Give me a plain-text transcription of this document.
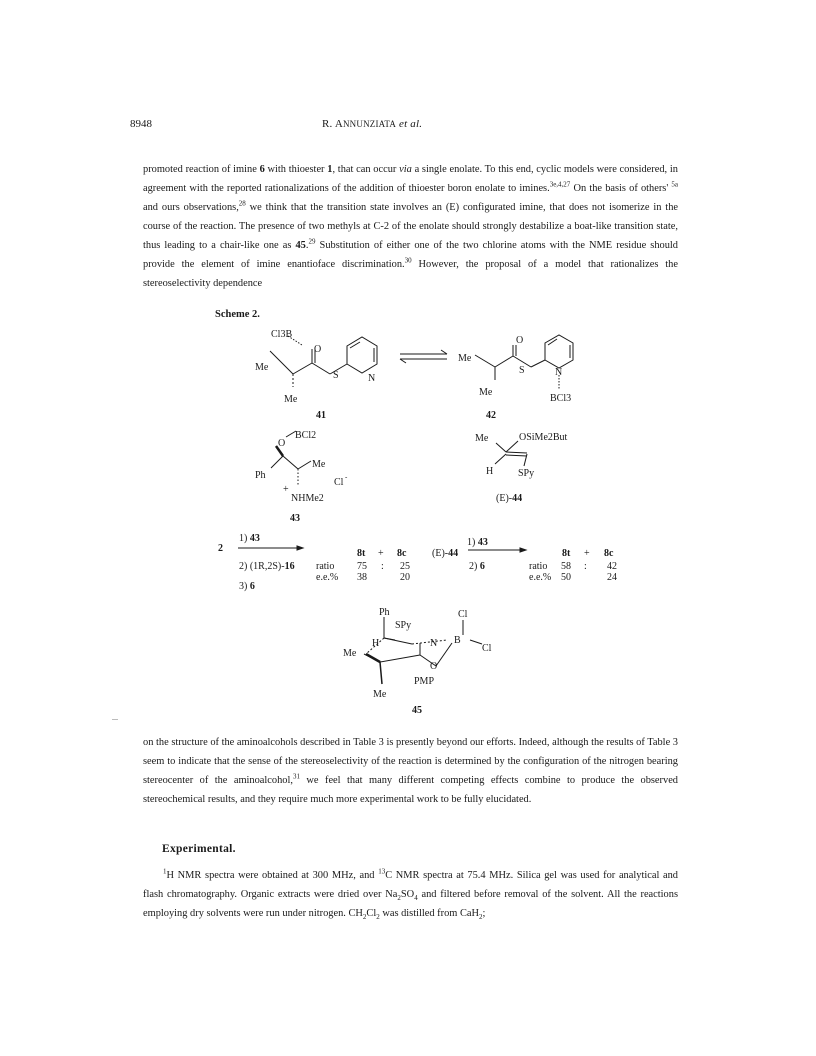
8948	R. ANNUNZIATA et al.

promoted reaction of imine 6 with thioester 1, that can occur via a single enolate. To this end, cyclic models were considered, in agreement with the reported rationalizations of the addition of thioester boron enolate to imines.$^{3e,4,27}$ On the basis of others' $^{5a}$ and ours observations,$^{28}$ we think that the transition state involves an (E) configurated imine, that does not isomerize in the course of the reaction. The presence of two methyls at C-2 of the enolate should strongly destabilize a boat-like transition state, thus leading to a chair-like one as 45.29 Substitution of either one of the two chlorine atoms with the NME residue should provide the element of imine enantioface discrimination.$^{30}$ However, the proposal of a model that rationalizes the stereoselectivity dependence

Scheme 2.
Cl3B
O
Me
S	N
Me
41
O
Me
S	N
Me
BCl3
42
BCl2
O
Ph
Me
+
NHMe2
Cl -
43
Me	OSiMe2But
H SPy
(E)-44
1) 43
2
2) (1R,2S)-16
3) 6
8t + 8c
ratio 75 : 25
e.e.% 38	20
1) 43
(E)-44
2) 6
8t + 8c
ratio 58 : 42
e.e.% 50	24
Ph	Cl
SPy
H	N B
Cl
Me
O
PMP
Me
45

on the structure of the aminoalcohols described in Table 3 is presently beyond our efforts. Indeed, although the results of Table 3 seem to indicate that the sense of the stereoselectivity of the reaction is determined by the configuration of the nitrogen bearing stereocenter of the aminoalcohol,$^{31}$ we feel that many different competing effects combine to produce the observed stereochemical results, and they require much more experimental work to be fully elucidated.

Experimental.

$^1$H NMR spectra were obtained at 300 MHz, and $^{13}$C NMR spectra at 75.4 MHz. Silica gel was used for analytical and flash chromatography. Organic extracts were dried over $Na_2SO_4$ and filtered before removal of the solvent. All the reactions employing dry solvents were run under nitrogen. $CH_2Cl_2$ was distilled from CaH$_2$;
